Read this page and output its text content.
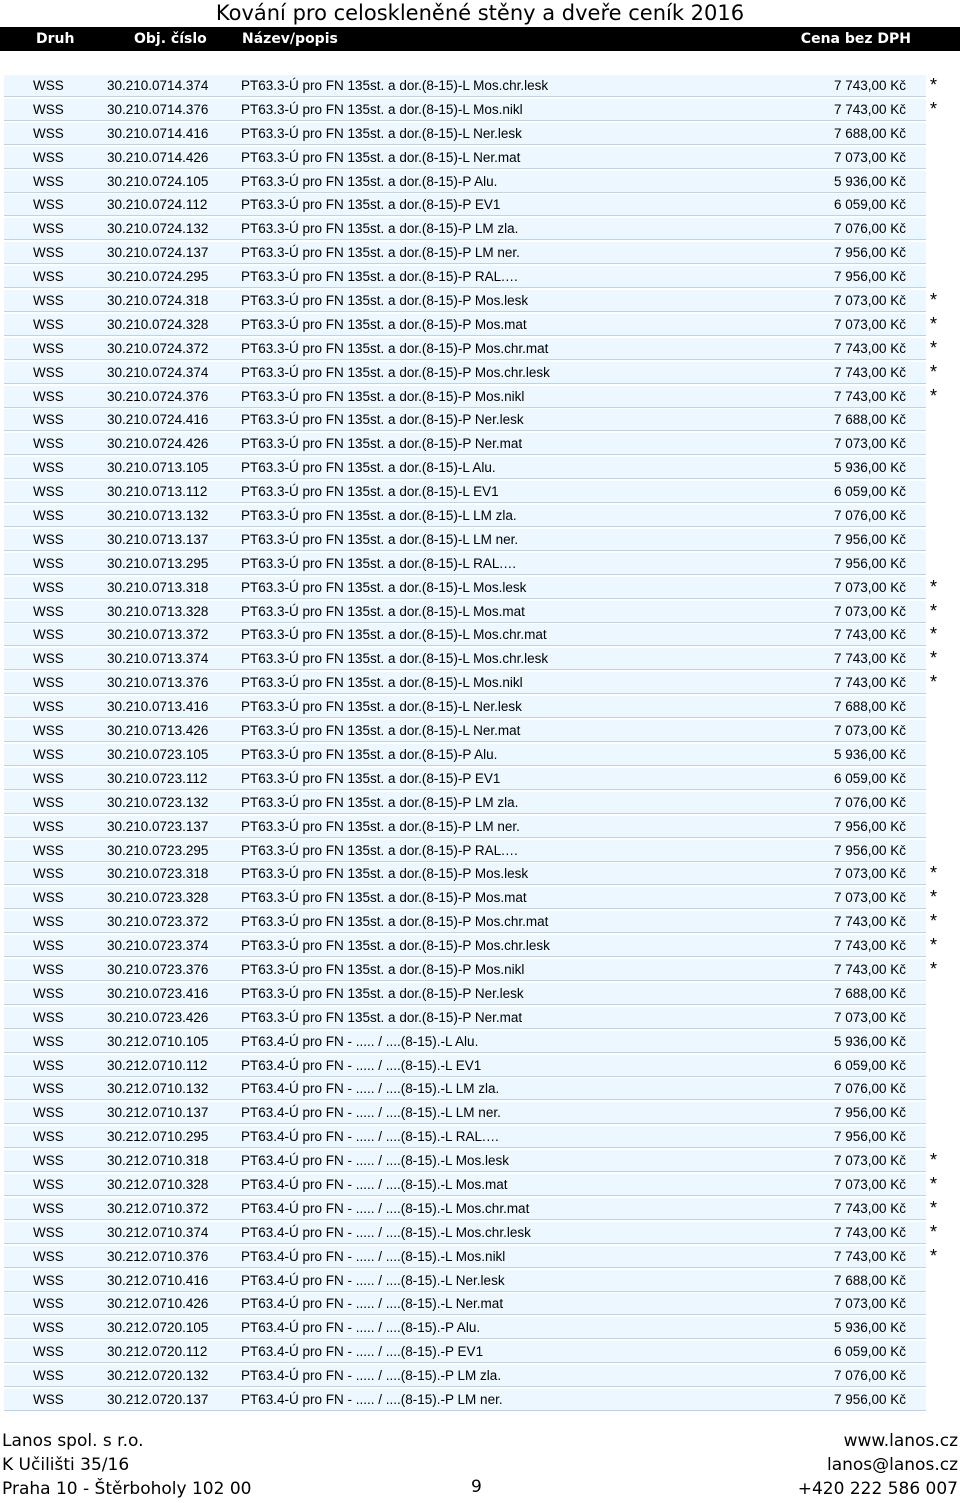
Kování pro celoskleněné stěny a dveře ceník 2016
Druh	Obj. číslo	Název/popis	Cena bez DPH
WSS	30.210.0714.374 PT63.3-Ú pro FN 135st. a dor.(8-15)-L Mos.chr.lesk	7 743,00 Kč *
WSS	30.210.0714.376 PT63.3-Ú pro FN 135st. a dor.(8-15)-L Mos.nikl	7 743,00 Kč *
WSS	30.210.0714.416 PT63.3-Ú pro FN 135st. a dor.(8-15)-L Ner.lesk	7 688,00 Kč
WSS	30.210.0714.426 PT63.3-Ú pro FN 135st. a dor.(8-15)-L Ner.mat	7 073,00 Kč
WSS	30.210.0724.105 PT63.3-Ú pro FN 135st. a dor.(8-15)-P Alu.	5 936,00 Kč
WSS	30.210.0724.112 PT63.3-Ú pro FN 135st. a dor.(8-15)-P EV1	6 059,00 Kč
WSS	30.210.0724.132 PT63.3-Ú pro FN 135st. a dor.(8-15)-P LM zla.	7 076,00 Kč
WSS	30.210.0724.137 PT63.3-Ú pro FN 135st. a dor.(8-15)-P LM ner.	7 956,00 Kč
WSS	30.210.0724.295 PT63.3-Ú pro FN 135st. a dor.(8-15)-P RAL.…	7 956,00 Kč
WSS	30.210.0724.318 PT63.3-Ú pro FN 135st. a dor.(8-15)-P Mos.lesk	7 073,00 Kč *
WSS	30.210.0724.328 PT63.3-Ú pro FN 135st. a dor.(8-15)-P Mos.mat	7 073,00 Kč *
WSS	30.210.0724.372 PT63.3-Ú pro FN 135st. a dor.(8-15)-P Mos.chr.mat	7 743,00 Kč *
WSS	30.210.0724.374 PT63.3-Ú pro FN 135st. a dor.(8-15)-P Mos.chr.lesk	7 743,00 Kč *
WSS	30.210.0724.376 PT63.3-Ú pro FN 135st. a dor.(8-15)-P Mos.nikl	7 743,00 Kč *
WSS	30.210.0724.416 PT63.3-Ú pro FN 135st. a dor.(8-15)-P Ner.lesk	7 688,00 Kč
WSS	30.210.0724.426 PT63.3-Ú pro FN 135st. a dor.(8-15)-P Ner.mat	7 073,00 Kč
WSS	30.210.0713.105 PT63.3-Ú pro FN 135st. a dor.(8-15)-L Alu.	5 936,00 Kč
WSS	30.210.0713.112 PT63.3-Ú pro FN 135st. a dor.(8-15)-L EV1	6 059,00 Kč
WSS	30.210.0713.132 PT63.3-Ú pro FN 135st. a dor.(8-15)-L LM zla.	7 076,00 Kč
WSS	30.210.0713.137 PT63.3-Ú pro FN 135st. a dor.(8-15)-L LM ner.	7 956,00 Kč
WSS	30.210.0713.295 PT63.3-Ú pro FN 135st. a dor.(8-15)-L RAL.…	7 956,00 Kč
WSS	30.210.0713.318 PT63.3-Ú pro FN 135st. a dor.(8-15)-L Mos.lesk	7 073,00 Kč *
WSS	30.210.0713.328 PT63.3-Ú pro FN 135st. a dor.(8-15)-L Mos.mat	7 073,00 Kč *
WSS	30.210.0713.372 PT63.3-Ú pro FN 135st. a dor.(8-15)-L Mos.chr.mat	7 743,00 Kč *
WSS	30.210.0713.374 PT63.3-Ú pro FN 135st. a dor.(8-15)-L Mos.chr.lesk	7 743,00 Kč *
WSS	30.210.0713.376 PT63.3-Ú pro FN 135st. a dor.(8-15)-L Mos.nikl	7 743,00 Kč *
WSS	30.210.0713.416 PT63.3-Ú pro FN 135st. a dor.(8-15)-L Ner.lesk	7 688,00 Kč
WSS	30.210.0713.426 PT63.3-Ú pro FN 135st. a dor.(8-15)-L Ner.mat	7 073,00 Kč
WSS	30.210.0723.105 PT63.3-Ú pro FN 135st. a dor.(8-15)-P Alu.	5 936,00 Kč
WSS	30.210.0723.112 PT63.3-Ú pro FN 135st. a dor.(8-15)-P EV1	6 059,00 Kč
WSS	30.210.0723.132 PT63.3-Ú pro FN 135st. a dor.(8-15)-P LM zla.	7 076,00 Kč
WSS	30.210.0723.137 PT63.3-Ú pro FN 135st. a dor.(8-15)-P LM ner.	7 956,00 Kč
WSS	30.210.0723.295 PT63.3-Ú pro FN 135st. a dor.(8-15)-P RAL.…	7 956,00 Kč
WSS	30.210.0723.318 PT63.3-Ú pro FN 135st. a dor.(8-15)-P Mos.lesk	7 073,00 Kč *
WSS	30.210.0723.328 PT63.3-Ú pro FN 135st. a dor.(8-15)-P Mos.mat	7 073,00 Kč *
WSS	30.210.0723.372 PT63.3-Ú pro FN 135st. a dor.(8-15)-P Mos.chr.mat	7 743,00 Kč *
WSS	30.210.0723.374 PT63.3-Ú pro FN 135st. a dor.(8-15)-P Mos.chr.lesk	7 743,00 Kč *
WSS	30.210.0723.376 PT63.3-Ú pro FN 135st. a dor.(8-15)-P Mos.nikl	7 743,00 Kč *
WSS	30.210.0723.416 PT63.3-Ú pro FN 135st. a dor.(8-15)-P Ner.lesk	7 688,00 Kč
WSS	30.210.0723.426 PT63.3-Ú pro FN 135st. a dor.(8-15)-P Ner.mat	7 073,00 Kč
WSS	30.212.0710.105 PT63.4-Ú pro FN - ..... / ....(8-15).-L Alu.	5 936,00 Kč
WSS	30.212.0710.112 PT63.4-Ú pro FN - ..... / ....(8-15).-L EV1	6 059,00 Kč
WSS	30.212.0710.132 PT63.4-Ú pro FN - ..... / ....(8-15).-L LM zla.	7 076,00 Kč
WSS	30.212.0710.137 PT63.4-Ú pro FN - ..... / ....(8-15).-L LM ner.	7 956,00 Kč
WSS	30.212.0710.295 PT63.4-Ú pro FN - ..... / ....(8-15).-L RAL.…	7 956,00 Kč
WSS	30.212.0710.318 PT63.4-Ú pro FN - ..... / ....(8-15).-L Mos.lesk	7 073,00 Kč *
WSS	30.212.0710.328 PT63.4-Ú pro FN - ..... / ....(8-15).-L Mos.mat	7 073,00 Kč *
WSS	30.212.0710.372 PT63.4-Ú pro FN - ..... / ....(8-15).-L Mos.chr.mat	7 743,00 Kč *
WSS	30.212.0710.374 PT63.4-Ú pro FN - ..... / ....(8-15).-L Mos.chr.lesk	7 743,00 Kč *
WSS	30.212.0710.376 PT63.4-Ú pro FN - ..... / ....(8-15).-L Mos.nikl	7 743,00 Kč *
WSS	30.212.0710.416 PT63.4-Ú pro FN - ..... / ....(8-15).-L Ner.lesk	7 688,00 Kč
WSS	30.212.0710.426 PT63.4-Ú pro FN - ..... / ....(8-15).-L Ner.mat	7 073,00 Kč
WSS	30.212.0720.105 PT63.4-Ú pro FN - ..... / ....(8-15).-P Alu.	5 936,00 Kč
WSS	30.212.0720.112 PT63.4-Ú pro FN - ..... / ....(8-15).-P EV1	6 059,00 Kč
WSS	30.212.0720.132 PT63.4-Ú pro FN - ..... / ....(8-15).-P LM zla.	7 076,00 Kč
WSS	30.212.0720.137 PT63.4-Ú pro FN - ..... / ....(8-15).-P LM ner.	7 956,00 Kč
Lanos spol. s r.o.
K Učilišti 35/16
Praha 10 - Štěrboholy 102 00	9
www.lanos.cz
lanos@lanos.cz
+420 222 586 007
